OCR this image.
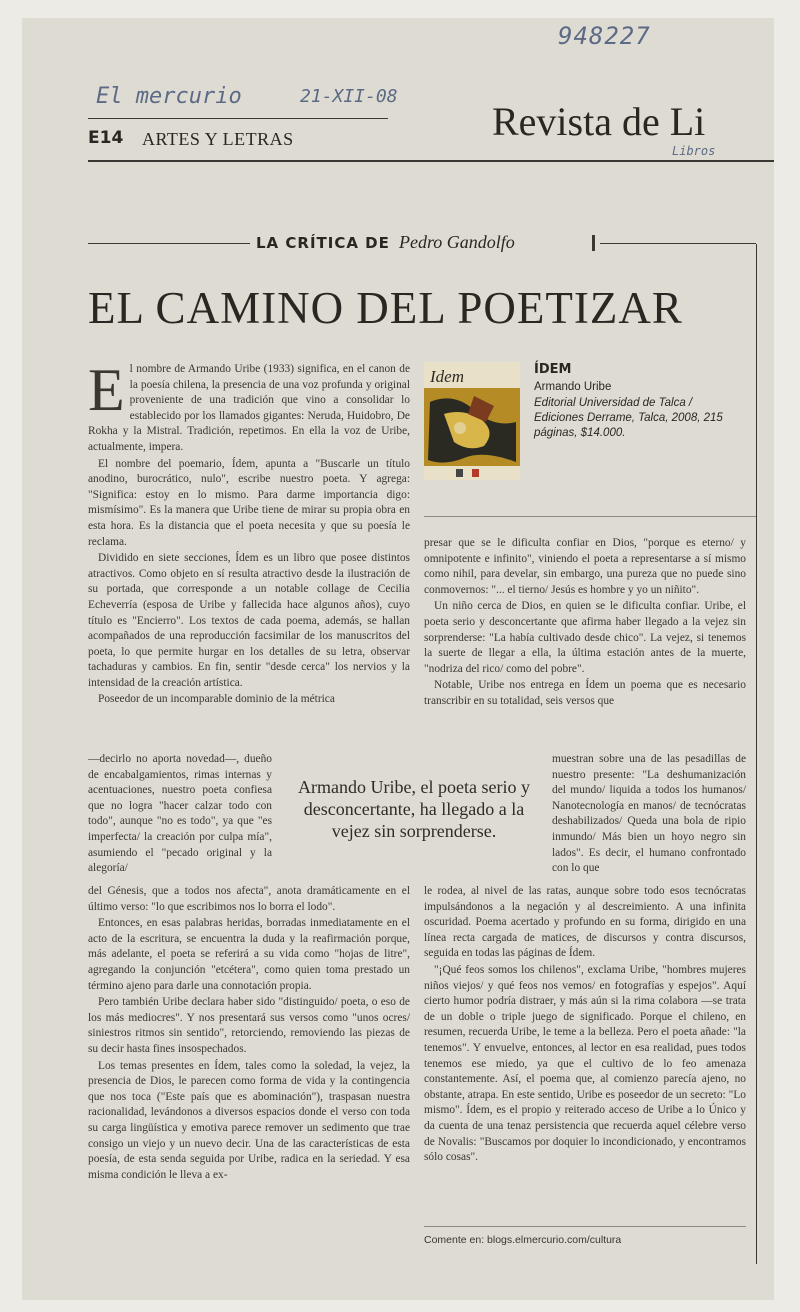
948227
El mercurio	21-XII-08
Libros
E14 ARTES Y LETRAS	Revista de Li
LA CRÍTICA DE Pedro Gandolfo
EL CAMINO DEL POETIZAR
Idem	ÍDEM
Armando Uribe
Editorial Universidad de Talca / Ediciones Derrame, Talca, 2008, 215 páginas, $14.000.

El nombre de Armando Uribe (1933) significa, en el canon de la poesía chilena, la presencia de una voz profunda y original proveniente de una tradición que vino a consolidar lo establecido por los llamados gigantes: Neruda, Huidobro, De Rokha y la Mistral. Tradición, repetimos. En ella la voz de Uribe, actualmente, impera.

El nombre del poemario, Ídem, apunta a "Buscarle un título anodino, burocrático, nulo", escribe nuestro poeta. Y agrega: "Significa: estoy en lo mismo. Para darme importancia digo: mismísimo". Es la manera que Uribe tiene de mirar su propia obra en esta hora. Es la distancia que el poeta necesita y que su poesía le reclama.

Dividido en siete secciones, Ídem es un libro que posee distintos atractivos. Como objeto en sí resulta atractivo desde la ilustración de su portada, que corresponde a un notable collage de Cecilia Echeverría (esposa de Uribe y fallecida hace algunos años), cuyo título es "Encierro". Los textos de cada poema, además, se hallan acompañados de una reproducción facsimilar de los manuscritos del poeta, lo que permite hurgar en los detalles de su letra, observar tachaduras y cambios. En fin, sentir "desde cerca" los nervios y la intensidad de la creación artística.

Poseedor de un incomparable dominio de la métrica

—decirlo no aporta novedad—, dueño de encabalgamientos, rimas internas y acentuaciones, nuestro poeta confiesa que no logra "hacer calzar todo con todo", aunque "no es todo", ya que "es imperfecta/ la creación por culpa mía", asumiendo el "pecado original y la alegoría/

Armando Uribe, el poeta serio y desconcertante, ha llegado a la vejez sin sorprenderse.

del Génesis, que a todos nos afecta", anota dramáticamente en el último verso: "lo que escribimos nos lo borra el lodo".

Entonces, en esas palabras heridas, borradas inmediatamente en el acto de la escritura, se encuentra la duda y la reafirmación porque, más adelante, el poeta se referirá a su vida como "hojas de litre", agregando la conjunción "etcétera", como quien toma prestado un término ajeno para darle una connotación propia.

Pero también Uribe declara haber sido "distinguido/ poeta, o eso de los más mediocres". Y nos presentará sus versos como "unos ocres/ siniestros ritmos sin sentido", retorciendo, removiendo las piezas de su decir hasta fines insospechados.

Los temas presentes en Ídem, tales como la soledad, la vejez, la presencia de Dios, le parecen como forma de vida y la contingencia que nos toca ("Este país que es abominación"), traspasan nuestra racionalidad, levándonos a diversos espacios donde el verso con toda su carga lingüística y emotiva parece remover un sedimento que trae consigo un viejo y un nuevo decir. Una de las características de esta poesía, de esta senda seguida por Uribe, radica en la seriedad. Y esa misma condición le lleva a ex-

presar que se le dificulta confiar en Dios, "porque es eterno/ y omnipotente e infinito", viniendo el poeta a representarse a sí mismo como nihil, para develar, sin embargo, una pureza que no puede sino conmovernos: "... el tierno/ Jesús es hombre y yo un niñito".

Un niño cerca de Dios, en quien se le dificulta confiar. Uribe, el poeta serio y desconcertante que afirma haber llegado a la vejez sin sorprenderse: "La había cultivado desde chico". La vejez, si tenemos la suerte de llegar a ella, la última estación antes de la muerte, "nodriza del rico/ como del pobre".

Notable, Uribe nos entrega en Ídem un poema que es necesario transcribir en su totalidad, seis versos que

muestran sobre una de las pesadillas de nuestro presente: "La deshumanización del mundo/ liquida a todos los humanos/ Nanotecnología en manos/ de tecnócratas deshabilizados/ Queda una bola de ripio inmundo/ Más bien un hoyo negro sin lados". Es decir, el humano confrontado con lo que

le rodea, al nivel de las ratas, aunque sobre todo esos tecnócratas impulsándonos a la negación y al descreimiento. A una infinita oscuridad. Poema acertado y profundo en su forma, dirigido en una línea recta cargada de matices, de discursos y contra discursos, seguida en todas las páginas de Ídem.

"¡Qué feos somos los chilenos", exclama Uribe, "hombres mujeres niños viejos/ y qué feos nos vemos/ en fotografías y espejos". Aquí cierto humor podría distraer, y más aún si la rima colabora —se trata de un doble o triple juego de significado. Porque el chileno, en resumen, recuerda Uribe, le teme a la belleza. Pero el poeta añade: "la tenemos". Y envuelve, entonces, al lector en esa realidad, pues todos tenemos ese miedo, ya que el cultivo de lo feo amenaza constantemente. Así, el poema que, al comienzo parecía ajeno, no obstante, atrapa. En este sentido, Uribe es poseedor de un secreto: "Lo mismo". Ídem, es el propio y reiterado acceso de Uribe a lo Único y da cuenta de una tenaz persistencia que recuerda aquel célebre verso de Novalis: "Buscamos por doquier lo incondicionado, y encontramos sólo cosas".

Comente en: blogs.elmercurio.com/cultura
